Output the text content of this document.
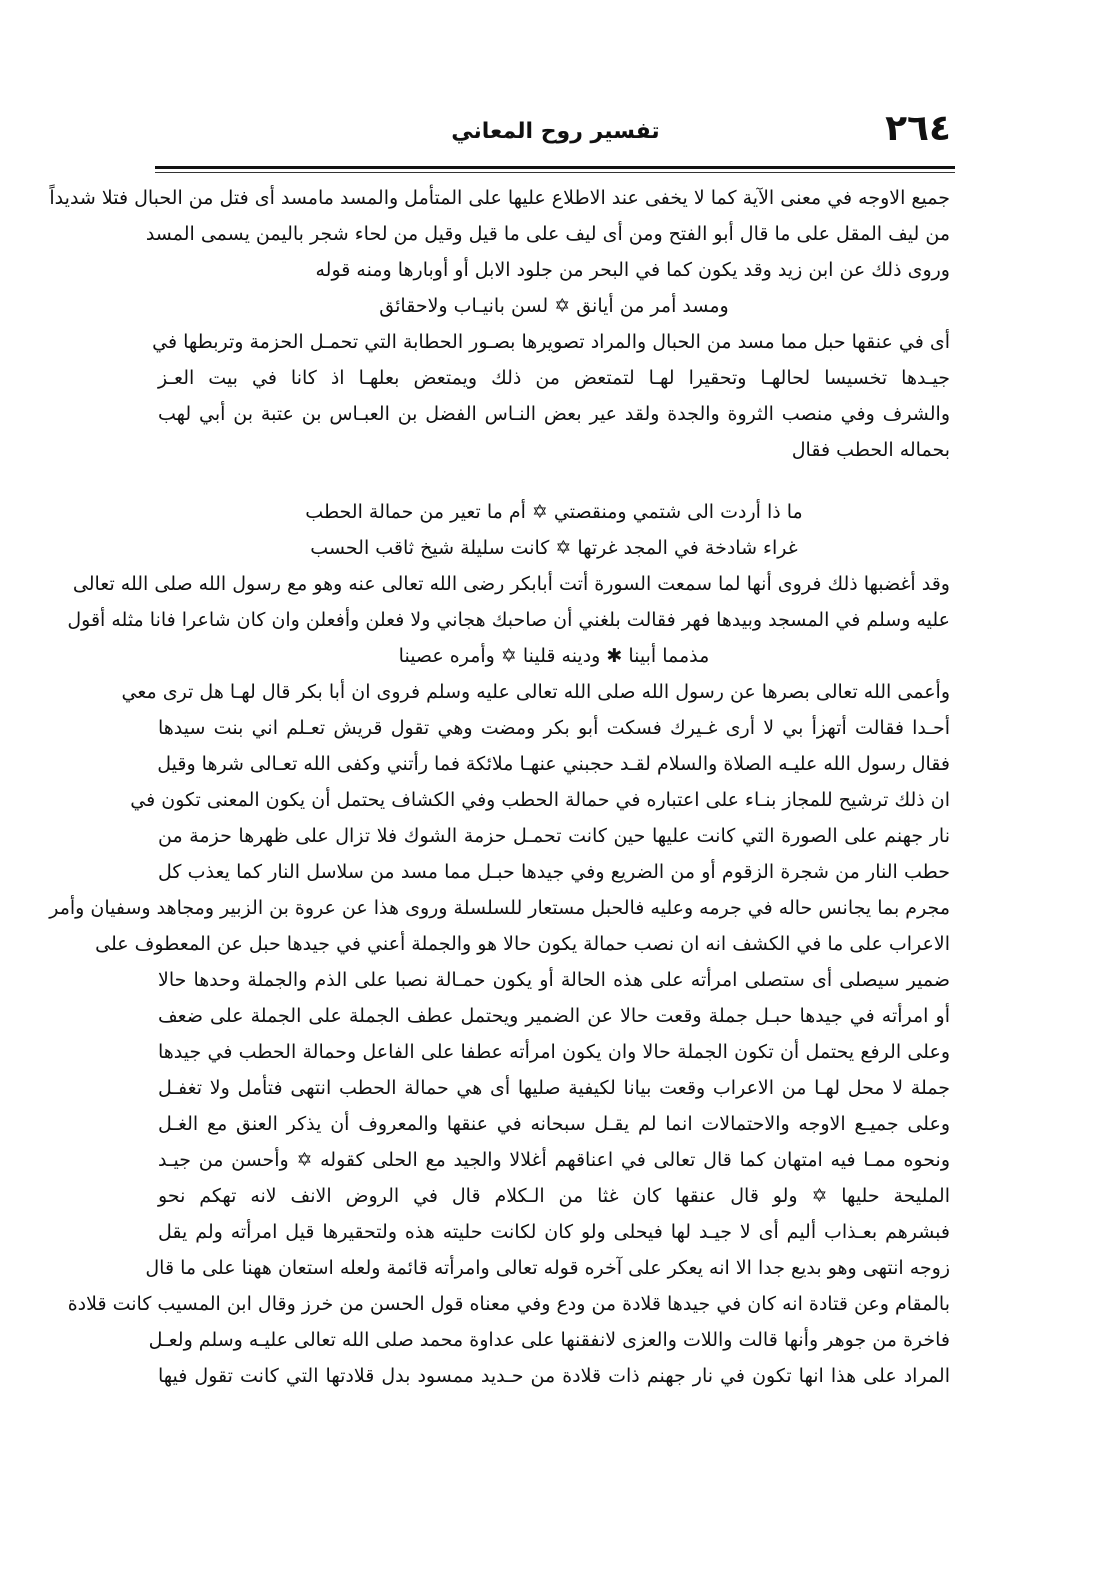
٢٦٤
تفسير روح المعاني
جميع الاوجه في معنى الآية كما لا يخفى عند الاطلاع عليها على المتأمل والمسد مامسد أى فتل من الحبال فتلا شديداً
من ليف المقل على ما قال أبو الفتح ومن أى ليف على ما قيل وقيل من لحاء شجر باليمن يسمى المسد
وروى ذلك عن ابن زيد وقد يكون كما في البحر من جلود الابل أو أوبارها ومنه قوله
ومسد أمر من أيانق ✡ لسن بانيـاب ولاحقائق
أى في عنقها حبل مما مسد من الحبال والمراد تصويرها بصـور الحطابة التي تحمـل الحزمة وتربطها في
جيـدها تخسيسا لحالهـا وتحقيرا لهـا لتمتعض من ذلك ويمتعض بعلهـا اذ كانا في بيت العـز
والشرف وفي منصب الثروة والجدة ولقد عير بعض النـاس الفضل بن العبـاس بن عتبة بن أبي لهب
بحماله الحطب فقال
ما ذا أردت الى شتمي ومنقصتي ✡ أم ما تعير من حمالة الحطب
غراء شادخة في المجد غرتها ✡ كانت سليلة شيخ ثاقب الحسب
وقد أغضبها ذلك فروى أنها لما سمعت السورة أتت أبابكر رضى الله تعالى عنه وهو مع رسول الله صلى الله تعالى
عليه وسلم في المسجد وبيدها فهر فقالت بلغني أن صاحبك هجاني ولا فعلن وأفعلن وان كان شاعرا فانا مثله أقول
مذمما أبينا ✱ ودينه قلينا ✡ وأمره عصينا
وأعمى الله تعالى بصرها عن رسول الله صلى الله تعالى عليه وسلم فروى ان أبا بكر قال لهـا هل ترى معي
أحـدا فقالت أتهزأ بي لا أرى غـيرك فسكت أبو بكر ومضت وهي تقول قريش تعـلم اني بنت سيدها
فقال رسول الله عليـه الصلاة والسلام لقـد حجبني عنهـا ملائكة فما رأتني وكفى الله تعـالى شرها وقيل
ان ذلك ترشيح للمجاز بنـاء على اعتباره في حمالة الحطب وفي الكشاف يحتمل أن يكون المعنى تكون في
نار جهنم على الصورة التي كانت عليها حين كانت تحمـل حزمة الشوك فلا تزال على ظهرها حزمة من
حطب النار من شجرة الزقوم أو من الضريع وفي جيدها حبـل مما مسد من سلاسل النار كما يعذب كل
مجرم بما يجانس حاله في جرمه وعليه فالحبل مستعار للسلسلة وروى هذا عن عروة بن الزبير ومجاهد وسفيان وأمر
الاعراب على ما في الكشف انه ان نصب حمالة يكون حالا هو والجملة أعني في جيدها حبل عن المعطوف على
ضمير سيصلى أى ستصلى امرأته على هذه الحالة أو يكون حمـالة نصبا على الذم والجملة وحدها حالا
أو امرأته في جيدها حبـل جملة وقعت حالا عن الضمير ويحتمل عطف الجملة على الجملة على ضعف
وعلى الرفع يحتمل أن تكون الجملة حالا وان يكون امرأته عطفا على الفاعل وحمالة الحطب في جيدها
جملة لا محل لهـا من الاعراب وقعت بيانا لكيفية صليها أى هي حمالة الحطب انتهى فتأمل ولا تغفـل
وعلى جميـع الاوجه والاحتمالات انما لم يقـل سبحانه في عنقها والمعروف أن يذكر العنق مع الغـل
ونحوه ممـا فيه امتهان كما قال تعالى في اعناقهم أغلالا والجيد مع الحلى كقوله ✡ وأحسن من جيـد
المليحة حليها ✡ ولو قال عنقها كان غثا من الـكلام قال في الروض الانف لانه تهكم نحو
فبشرهم بعـذاب أليم أى لا جيـد لها فيحلى ولو كان لكانت حليته هذه ولتحقيرها قيل امرأته ولم يقل
زوجه انتهى وهو بديع جدا الا انه يعكر على آخره قوله تعالى وامرأته قائمة ولعله استعان ههنا على ما قال
بالمقام وعن قتادة انه كان في جيدها قلادة من ودع وفي معناه قول الحسن من خرز وقال ابن المسيب كانت قلادة
فاخرة من جوهر وأنها قالت واللات والعزى لانفقنها على عداوة محمد صلى الله تعالى عليـه وسلم ولعـل
المراد على هذا انها تكون في نار جهنم ذات قلادة من حـديد ممسود بدل قلادتها التي كانت تقول فيها
